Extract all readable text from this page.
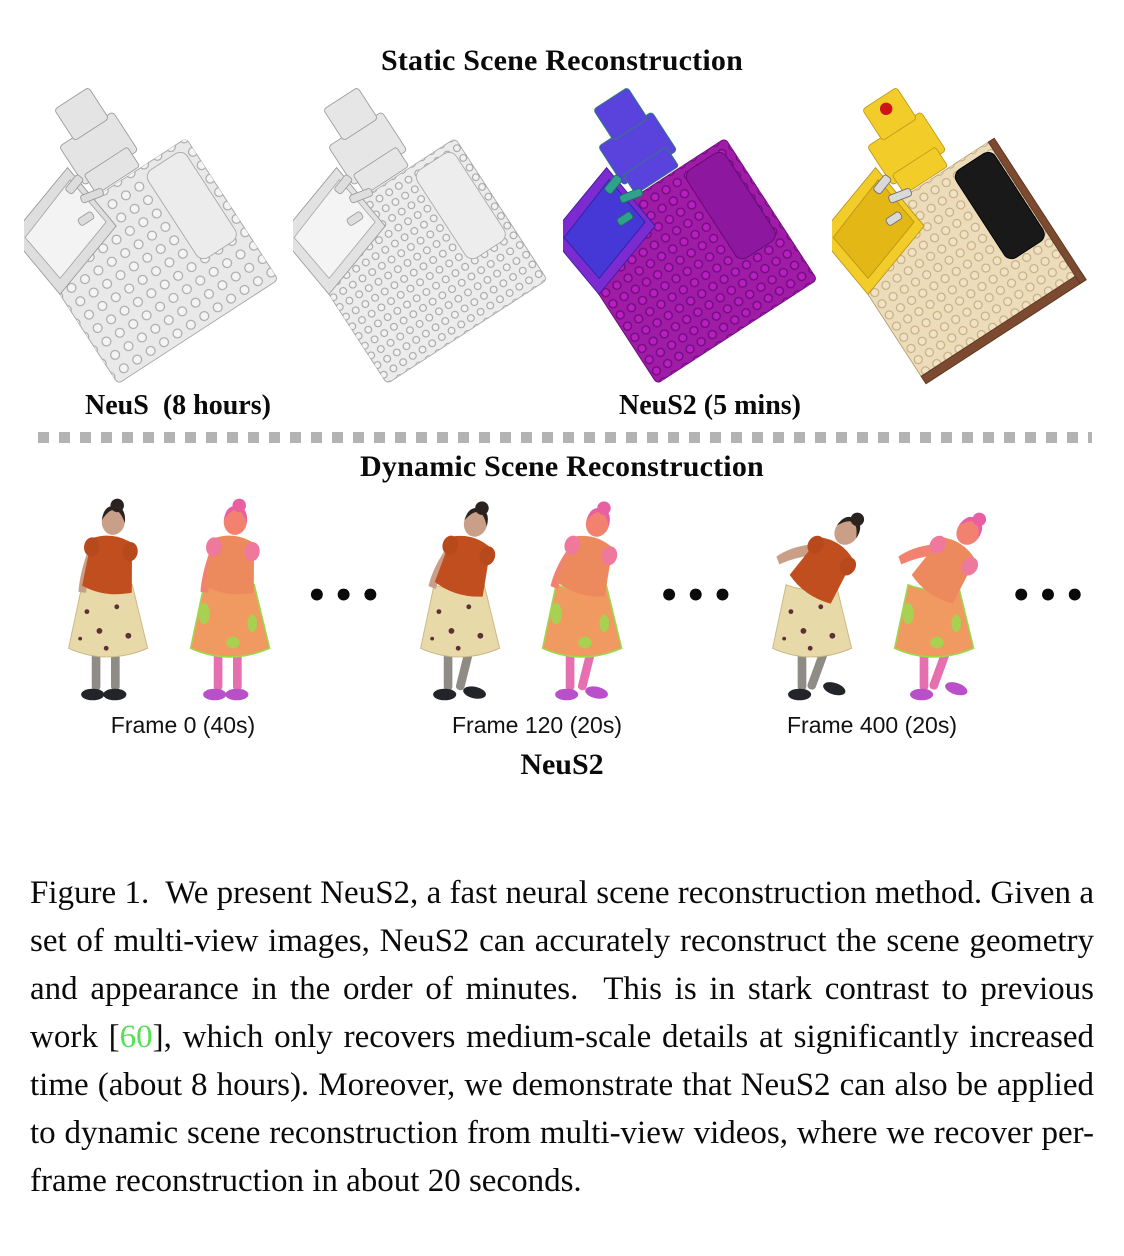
Static Scene Reconstruction
NeuS  (8 hours)	NeuS2 (5 mins)
Dynamic Scene Reconstruction
•••	•••	•••
Frame 0 (40s)	Frame 120 (20s)	Frame 400 (20s)
NeuS2

Figure 1.  We present NeuS2, a fast neural scene reconstruction method. Given a set of multi-view images, NeuS2 can accurately reconstruct the scene geometry and appearance in the order of minutes.  This is in stark contrast to previous work [60], which only recovers medium-scale details at significantly increased time (about 8 hours). Moreover, we demonstrate that NeuS2 can also be applied to dynamic scene reconstruction from multi-view videos, where we recover per-frame reconstruction in about 20 seconds.
